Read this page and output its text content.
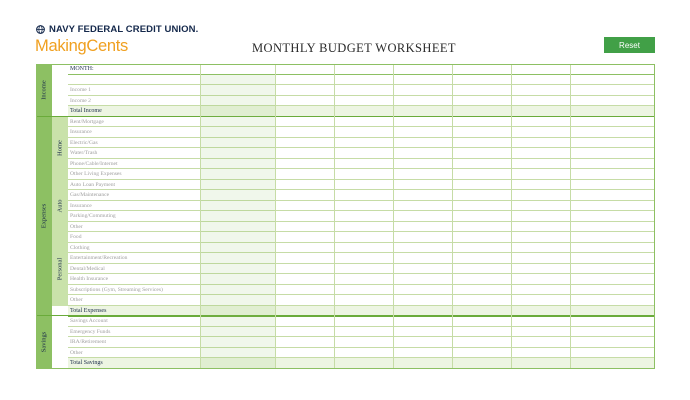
NAVY FEDERAL CREDIT UNION.
MakingCents	MONTHLY BUDGET WORKSHEET	Reset
MONTH:
Income 1
Income 2
Total Income
Income
Rent/Mortgage
Insurance
Electric/Gas
Water/Trash
Phone/Cable/Internet
Other Living Expenses
Home
Auto Loan Payment
Gas/Maintenance
Insurance
Parking/Commuting
Other
Auto
Food
Clothing
Entertainment/Recreation
Dental/Medical
Health Insurance
Subscriptions (Gym, Streaming Services)
Other
Personal
Total Expenses
Expenses
Savings Account
Emergency Funds
IRA/Retirement
Other
Total Savings
Savings
